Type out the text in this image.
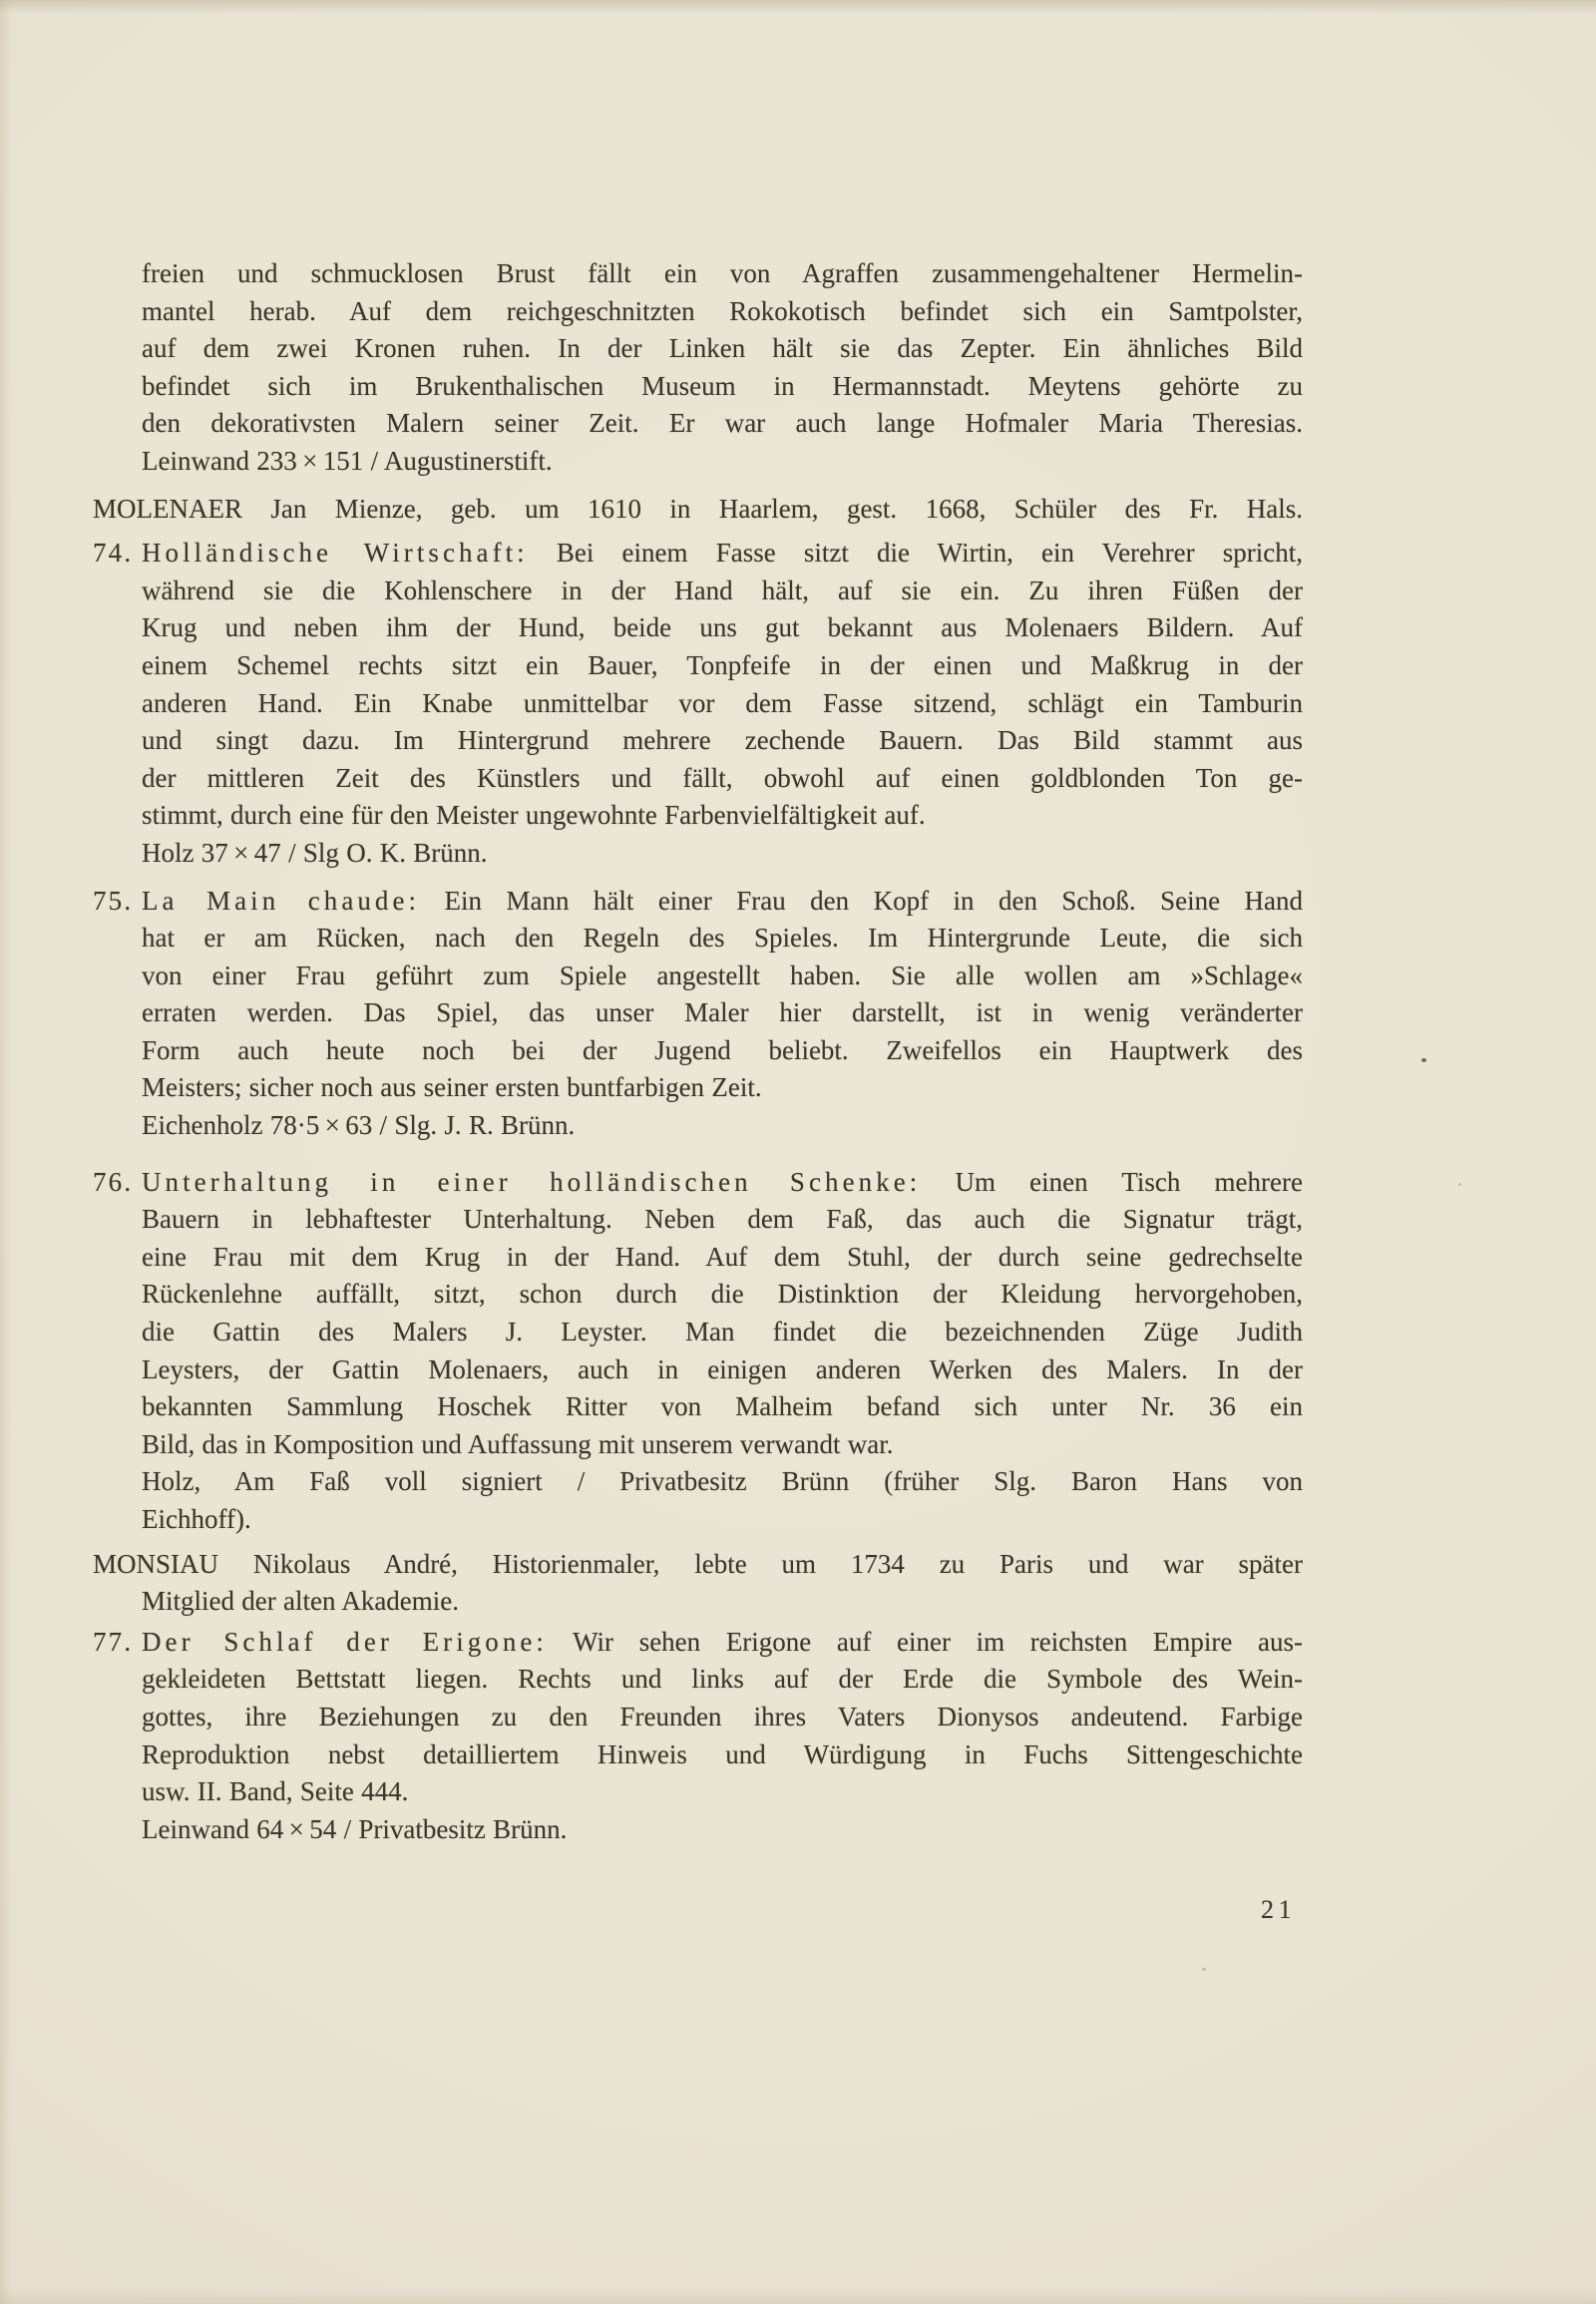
freien und schmucklosen Brust fällt ein von Agraffen zusammengehaltener Hermelin-
mantel herab. Auf dem reichgeschnitzten Rokokotisch befindet sich ein Samtpolster,
auf dem zwei Kronen ruhen. In der Linken hält sie das Zepter. Ein ähnliches Bild
befindet sich im Brukenthalischen Museum in Hermannstadt. Meytens gehörte zu
den dekorativsten Malern seiner Zeit. Er war auch lange Hofmaler Maria Theresias.
Leinwand 233 × 151 / Augustinerstift.
MOLENAER Jan Mienze, geb. um 1610 in Haarlem, gest. 1668, Schüler des Fr. Hals.
74. Holländische Wirtschaft: Bei einem Fasse sitzt die Wirtin, ein Verehrer spricht,
während sie die Kohlenschere in der Hand hält, auf sie ein. Zu ihren Füßen der
Krug und neben ihm der Hund, beide uns gut bekannt aus Molenaers Bildern. Auf
einem Schemel rechts sitzt ein Bauer, Tonpfeife in der einen und Maßkrug in der
anderen Hand. Ein Knabe unmittelbar vor dem Fasse sitzend, schlägt ein Tamburin
und singt dazu. Im Hintergrund mehrere zechende Bauern. Das Bild stammt aus
der mittleren Zeit des Künstlers und fällt, obwohl auf einen goldblonden Ton ge-
stimmt, durch eine für den Meister ungewohnte Farbenvielfältigkeit auf.
Holz 37 × 47 / Slg O. K. Brünn.
75. La Main chaude: Ein Mann hält einer Frau den Kopf in den Schoß. Seine Hand
hat er am Rücken, nach den Regeln des Spieles. Im Hintergrunde Leute, die sich
von einer Frau geführt zum Spiele angestellt haben. Sie alle wollen am »Schlage«
erraten werden. Das Spiel, das unser Maler hier darstellt, ist in wenig veränderter
Form auch heute noch bei der Jugend beliebt. Zweifellos ein Hauptwerk des
Meisters; sicher noch aus seiner ersten buntfarbigen Zeit.
Eichenholz 78·5 × 63 / Slg. J. R. Brünn.
76. Unterhaltung in einer holländischen Schenke: Um einen Tisch mehrere
Bauern in lebhaftester Unterhaltung. Neben dem Faß, das auch die Signatur trägt,
eine Frau mit dem Krug in der Hand. Auf dem Stuhl, der durch seine gedrechselte
Rückenlehne auffällt, sitzt, schon durch die Distinktion der Kleidung hervorgehoben,
die Gattin des Malers J. Leyster. Man findet die bezeichnenden Züge Judith
Leysters, der Gattin Molenaers, auch in einigen anderen Werken des Malers. In der
bekannten Sammlung Hoschek Ritter von Malheim befand sich unter Nr. 36 ein
Bild, das in Komposition und Auffassung mit unserem verwandt war.
Holz, Am Faß voll signiert / Privatbesitz Brünn (früher Slg. Baron Hans von
Eichhoff).
MONSIAU Nikolaus André, Historienmaler, lebte um 1734 zu Paris und war später
Mitglied der alten Akademie.
77. Der Schlaf der Erigone: Wir sehen Erigone auf einer im reichsten Empire aus-
gekleideten Bettstatt liegen. Rechts und links auf der Erde die Symbole des Wein-
gottes, ihre Beziehungen zu den Freunden ihres Vaters Dionysos andeutend. Farbige
Reproduktion nebst detailliertem Hinweis und Würdigung in Fuchs Sittengeschichte
usw. II. Band, Seite 444.
Leinwand 64 × 54 / Privatbesitz Brünn.
21
